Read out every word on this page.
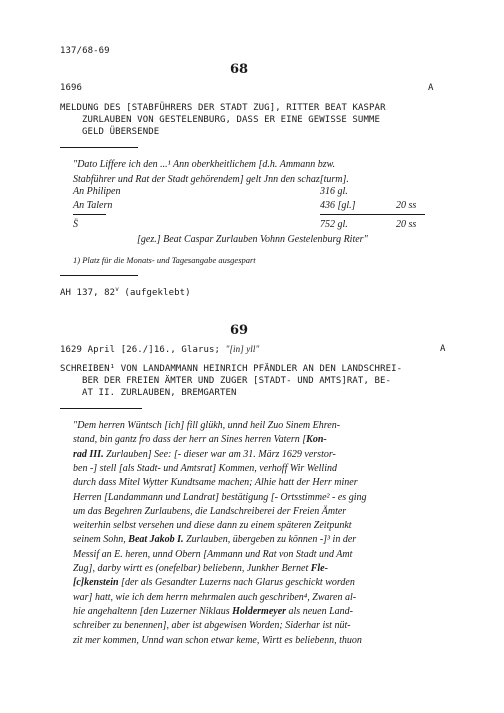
137/68-69
68
1696	A
MELDUNG DES [STABFÜHRERS DER STADT ZUG], RITTER BEAT KASPAR
ZURLAUBEN VON GESTELENBURG, DASS ER EINE GEWISSE SUMME
GELD ÜBERSENDE
"Dato Liffere ich den ...¹ Ann oberkheitlichem [d.h. Ammann bzw.
Stabführer und Rat der Stadt gehörendem] gelt Jnn den schaz[turm].
An Philipen	316 gl.
An Talern	436 [gl.]	20 ss
S̈	752 gl.	20 ss
[gez.] Beat Caspar Zurlauben Vohnn Gestelenburg Riter"
1) Platz für die Monats- und Tagesangabe ausgespart
AH 137, 82$^v$ (aufgeklebt)
69
1629 April [26./]16., Glarus; "[in] yll"	A
SCHREIBEN¹ VON LANDAMMANN HEINRICH PFÄNDLER AN DEN LANDSCHREI-
BER DER FREIEN ÄMTER UND ZUGER [STADT- UND AMTS]RAT, BE-
AT II. ZURLAUBEN, BREMGARTEN
"Dem herren Wüntsch [ich] fill glükh, unnd heil Zuo Sinem Ehren-
stand, bin gantz fro dass der herr an Sines herren Vatern [Kon-
rad III. Zurlauben] See: [- dieser war am 31. März 1629 verstor-
ben -] stell [als Stadt- und Amtsrat] Kommen, verhoff Wir Wellind
durch dass Mitel Wytter Kundtsame machen; Alhie hatt der Herr miner
Herren [Landammann und Landrat] bestätigung [- Ortsstimme² - es ging
um das Begehren Zurlaubens, die Landschreiberei der Freien Ämter
weiterhin selbst versehen und diese dann zu einem späteren Zeitpunkt
seinem Sohn, Beat Jakob I. Zurlauben, übergeben zu können -]³ in der
Messif an E. heren, unnd Obern [Ammann und Rat von Stadt und Amt
Zug], darby wirtt es (onefelbar) beliebenn, Junkher Bernet Fle-
[c]kenstein [der als Gesandter Luzerns nach Glarus geschickt worden
war] hatt, wie ich dem herrn mehrmalen auch geschriben⁴, Zwaren al-
hie angehaltenn [den Luzerner Niklaus Holdermeyer als neuen Land-
schreiber zu benennen], aber ist abgewisen Worden; Siderhar ist nüt-
zit mer kommen, Unnd wan schon etwar keme, Wirtt es beliebenn, thuon
